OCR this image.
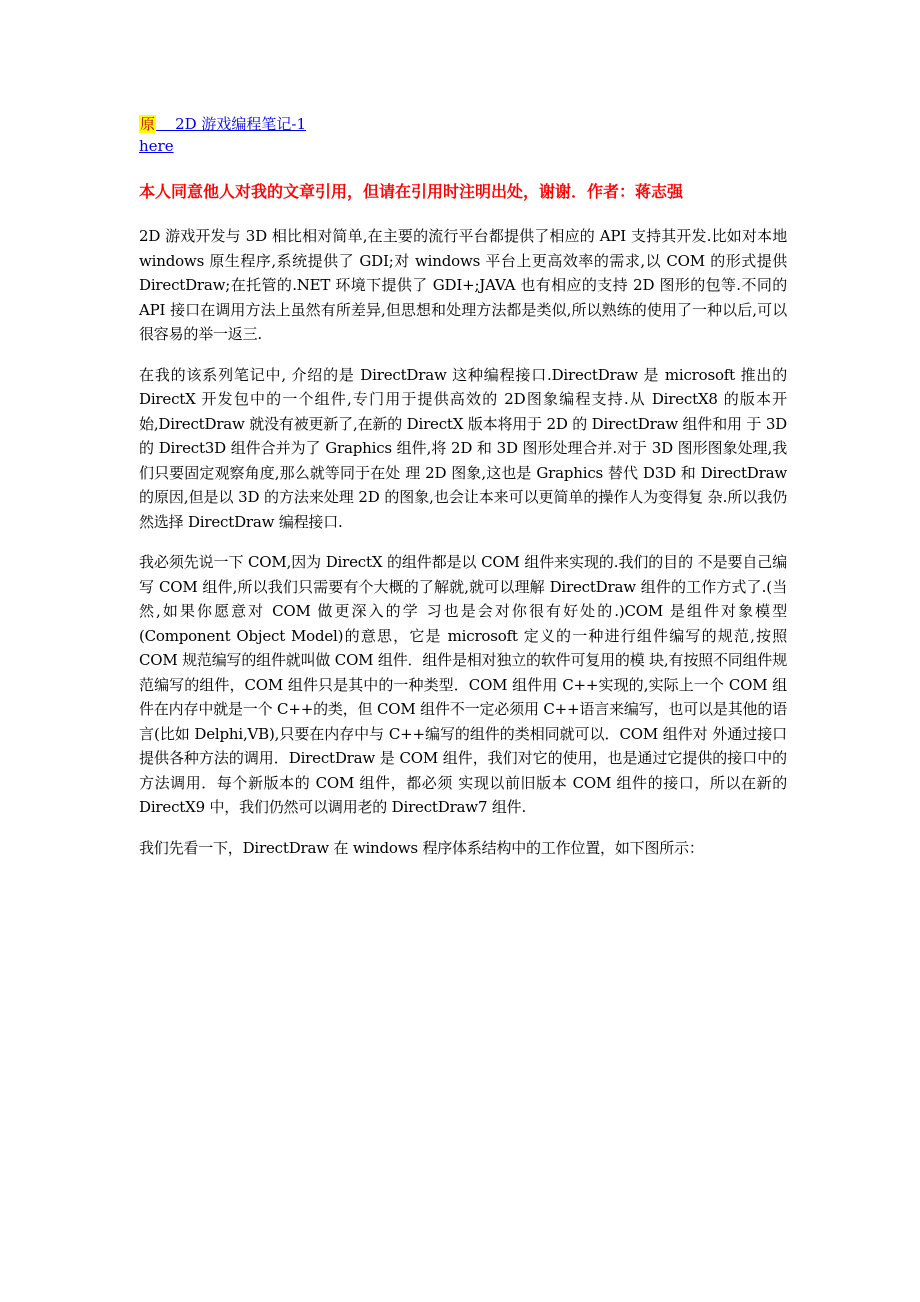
原 2D 游戏编程笔记-1
here
本人同意他人对我的文章引用，但请在引用时注明出处，谢谢．作者：蒋志强

2D 游戏开发与 3D 相比相对简单,在主要的流行平台都提供了相应的 API 支持其开发.比如对本地 windows 原生程序,系统提供了 GDI;对 windows 平台上更高效率的需求,以 COM 的形式提供 DirectDraw;在托管的.NET 环境下提供了 GDI+;JAVA 也有相应的支持 2D 图形的包等.不同的API 接口在调用方法上虽然有所差异,但思想和处理方法都是类似,所以熟练的使用了一种以后,可以很容易的举一返三.

在我的该系列笔记中, 介绍的是 DirectDraw 这种编程接口.DirectDraw 是 microsoft 推出的 DirectX 开发包中的一个组件,专门用于提供高效的 2D图象编程支持.从 DirectX8 的版本开始,DirectDraw 就没有被更新了,在新的 DirectX 版本将用于 2D 的 DirectDraw 组件和用 于 3D 的 Direct3D 组件合并为了 Graphics 组件,将 2D 和 3D 图形处理合并.对于 3D 图形图象处理,我们只要固定观察角度,那么就等同于在处 理 2D 图象,这也是 Graphics 替代 D3D 和 DirectDraw 的原因,但是以 3D 的方法来处理 2D 的图象,也会让本来可以更简单的操作人为变得复 杂.所以我仍然选择 DirectDraw 编程接口.

我必须先说一下 COM,因为 DirectX 的组件都是以 COM 组件来实现的.我们的目的 不是要自己编写 COM 组件,所以我们只需要有个大概的了解就,就可以理解 DirectDraw 组件的工作方式了.(当然,如果你愿意对 COM 做更深入的学 习也是会对你很有好处的.)COM 是组件对象模型(Component Object Model)的意思，它是 microsoft 定义的一种进行组件编写的规范,按照 COM 规范编写的组件就叫做 COM 组件．组件是相对独立的软件可复用的模 块,有按照不同组件规范编写的组件，COM 组件只是其中的一种类型．COM 组件用 C++实现的,实际上一个 COM 组件在内存中就是一个 C++的类，但 COM 组件不一定必须用 C++语言来编写，也可以是其他的语言(比如 Delphi,VB),只要在内存中与 C++编写的组件的类相同就可以．COM 组件对 外通过接口提供各种方法的调用．DirectDraw 是 COM 组件，我们对它的使用，也是通过它提供的接口中的方法调用．每个新版本的 COM 组件，都必须 实现以前旧版本 COM 组件的接口，所以在新的 DirectX9 中，我们仍然可以调用老的 DirectDraw7 组件.

我们先看一下，DirectDraw 在 windows 程序体系结构中的工作位置，如下图所示：
